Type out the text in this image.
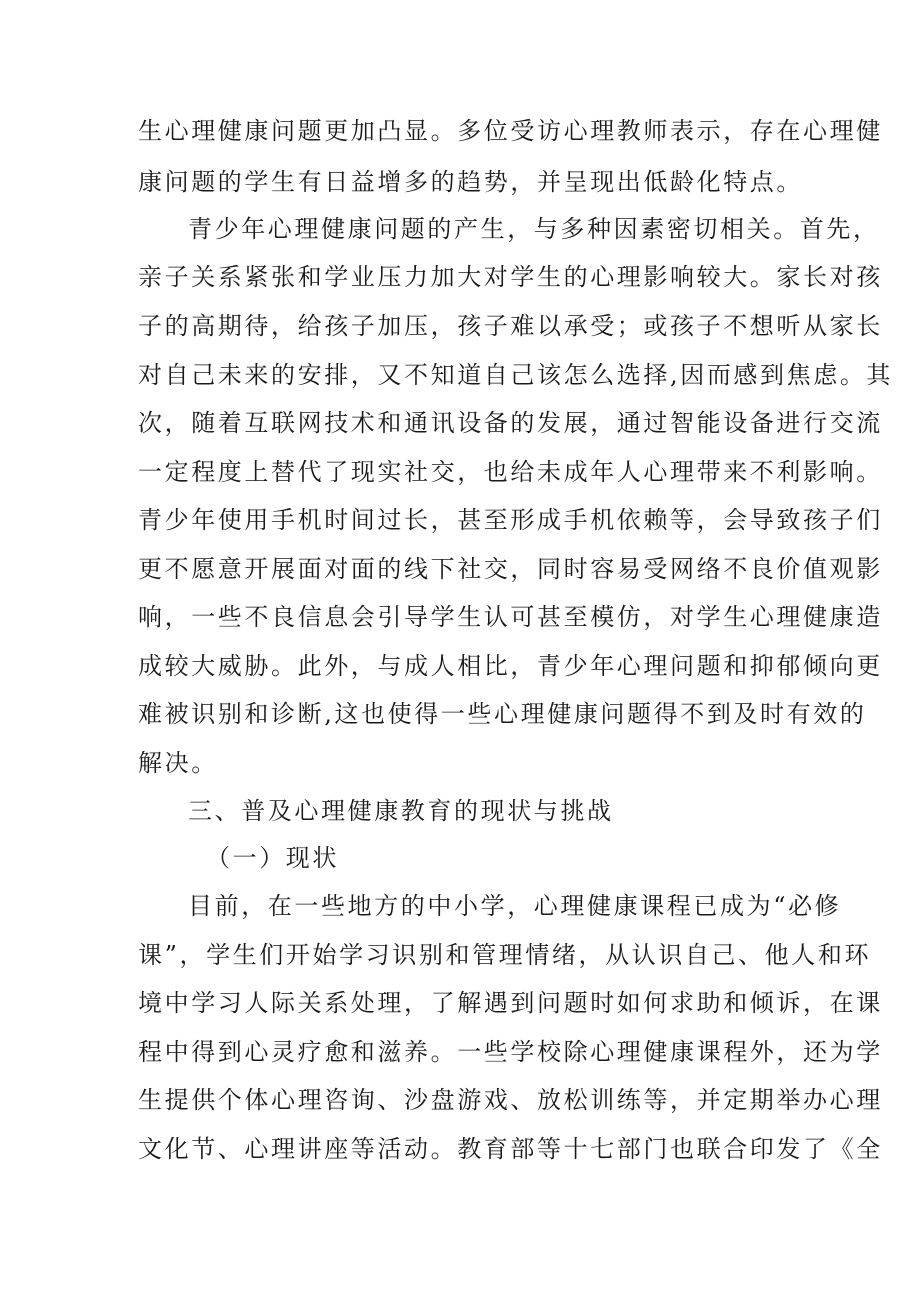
生心理健康问题更加凸显。多位受访心理教师表示，存在心理健
康问题的学生有日益增多的趋势，并呈现出低龄化特点。
青少年心理健康问题的产生，与多种因素密切相关。首先，
亲子关系紧张和学业压力加大对学生的心理影响较大。家长对孩
子的高期待，给孩子加压，孩子难以承受；或孩子不想听从家长
对自己未来的安排，又不知道自己该怎么选择,因而感到焦虑。其
次，随着互联网技术和通讯设备的发展，通过智能设备进行交流
一定程度上替代了现实社交，也给未成年人心理带来不利影响。
青少年使用手机时间过长，甚至形成手机依赖等，会导致孩子们
更不愿意开展面对面的线下社交，同时容易受网络不良价值观影
响，一些不良信息会引导学生认可甚至模仿，对学生心理健康造
成较大威胁。此外，与成人相比，青少年心理问题和抑郁倾向更
难被识别和诊断,这也使得一些心理健康问题得不到及时有效的
解决。
三、普及心理健康教育的现状与挑战
（一）现状
目前，在一些地方的中小学，心理健康课程已成为“必修
课”，学生们开始学习识别和管理情绪，从认识自己、他人和环
境中学习人际关系处理，了解遇到问题时如何求助和倾诉，在课
程中得到心灵疗愈和滋养。一些学校除心理健康课程外，还为学
生提供个体心理咨询、沙盘游戏、放松训练等，并定期举办心理
文化节、心理讲座等活动。教育部等十七部门也联合印发了《全
